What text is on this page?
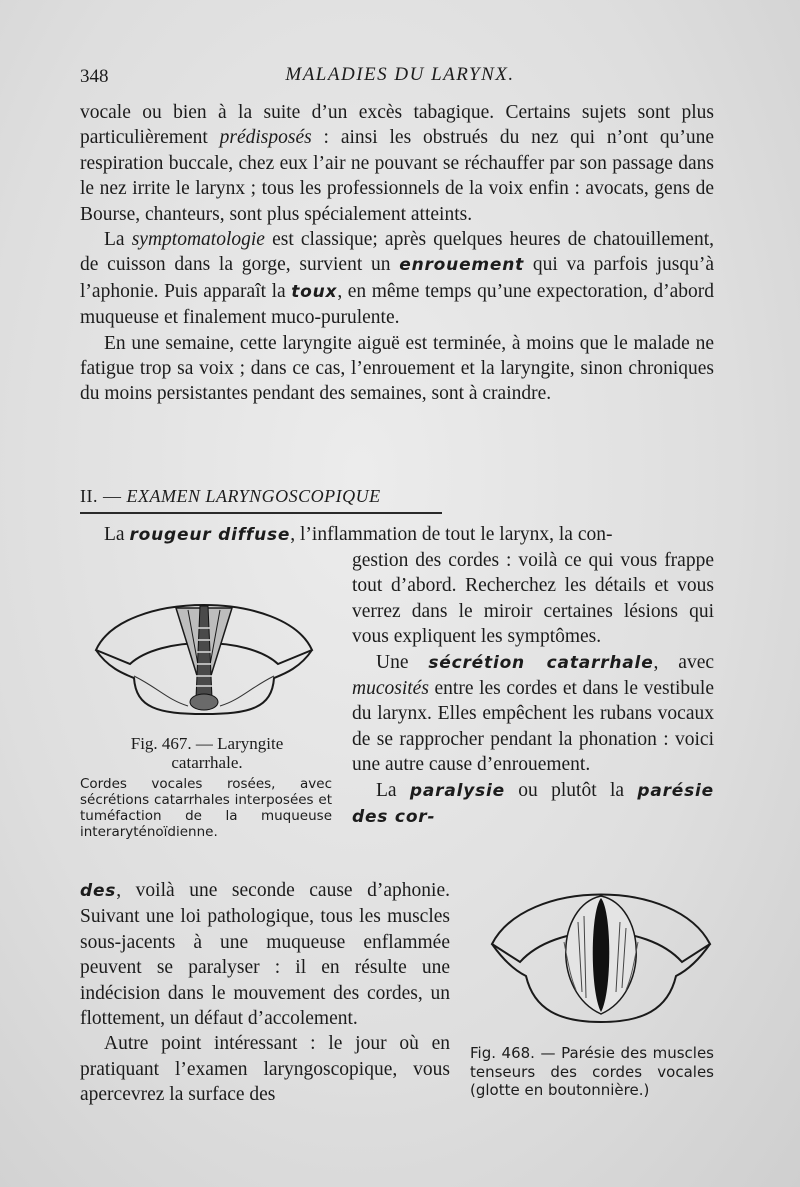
348	MALADIES DU LARYNX.

vocale ou bien à la suite d’un excès tabagique. Certains sujets sont plus particulièrement prédisposés : ainsi les obstrués du nez qui n’ont qu’une respiration buccale, chez eux l’air ne pouvant se réchauffer par son passage dans le nez irrite le larynx ; tous les professionnels de la voix enfin : avocats, gens de Bourse, chanteurs, sont plus spécialement atteints.

La symptomatologie est classique; après quelques heures de chatouillement, de cuisson dans la gorge, survient un enrouement qui va parfois jusqu’à l’aphonie. Puis apparaît la toux, en même temps qu’une expectoration, d’abord muqueuse et finalement muco-purulente.

En une semaine, cette laryngite aiguë est terminée, à moins que le malade ne fatigue trop sa voix ; dans ce cas, l’enrouement et la laryngite, sinon chroniques du moins persistantes pendant des semaines, sont à craindre.

II. — EXAMEN LARYNGOSCOPIQUE
La rougeur diffuse, l’inflammation de tout le larynx, la con-

gestion des cordes : voilà ce qui vous frappe tout d’abord. Recherchez les détails et vous verrez dans le miroir certaines lésions qui vous expliquent les symptômes.

Une sécrétion catarrhale, avec mucosités entre les cordes et dans le vestibule du larynx. Elles empêchent les rubans vocaux de se rapprocher pendant la phonation : voici une autre cause d’enrouement.

La paralysie ou plutôt la parésie des cor-

Fig. 467. — Laryngite catarrhale.
Cordes vocales rosées, avec sécrétions catarrhales interposées et tuméfaction de la muqueuse interaryténoïdienne.

des, voilà une seconde cause d’aphonie. Suivant une loi pathologique, tous les muscles sous-jacents à une muqueuse enflammée peuvent se paralyser : il en résulte une indécision dans le mouvement des cordes, un flottement, un défaut d’accolement.

Autre point intéressant : le jour où en pratiquant l’examen laryngoscopique, vous apercevrez la surface des

Fig. 468. — Parésie des muscles tenseurs des cordes vocales (glotte en boutonnière.)
